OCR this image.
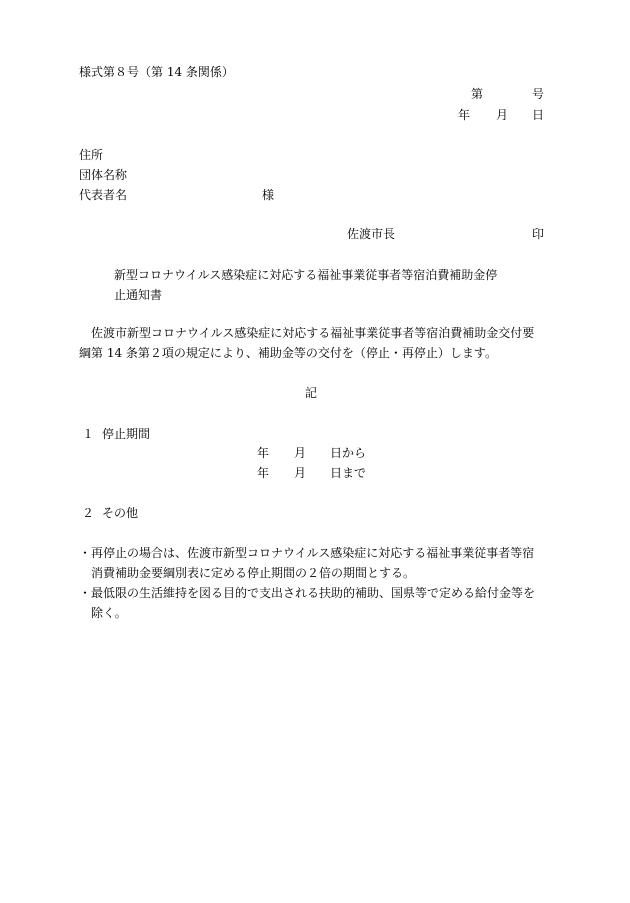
様式第８号（第 14 条関係）
第	号
年 月 日
住所
団体名称
代表者名	様
佐渡市長	印
新型コロナウイルス感染症に対応する福祉事業従事者等宿泊費補助金停
止通知書
佐渡市新型コロナウイルス感染症に対応する福祉事業従事者等宿泊費補助金交付要
綱第 14 条第２項の規定により、補助金等の交付を（停止・再停止）します。
記
１ 停止期間
年 月 日から
年 月 日まで
２ その他
・ 再停止の場合は、佐渡市新型コロナウイルス感染症に対応する福祉事業従事者等宿
消費補助金要綱別表に定める停止期間の２倍の期間とする。
・ 最低限の生活維持を図る目的で支出される扶助的補助、国県等で定める給付金等を
除く。
